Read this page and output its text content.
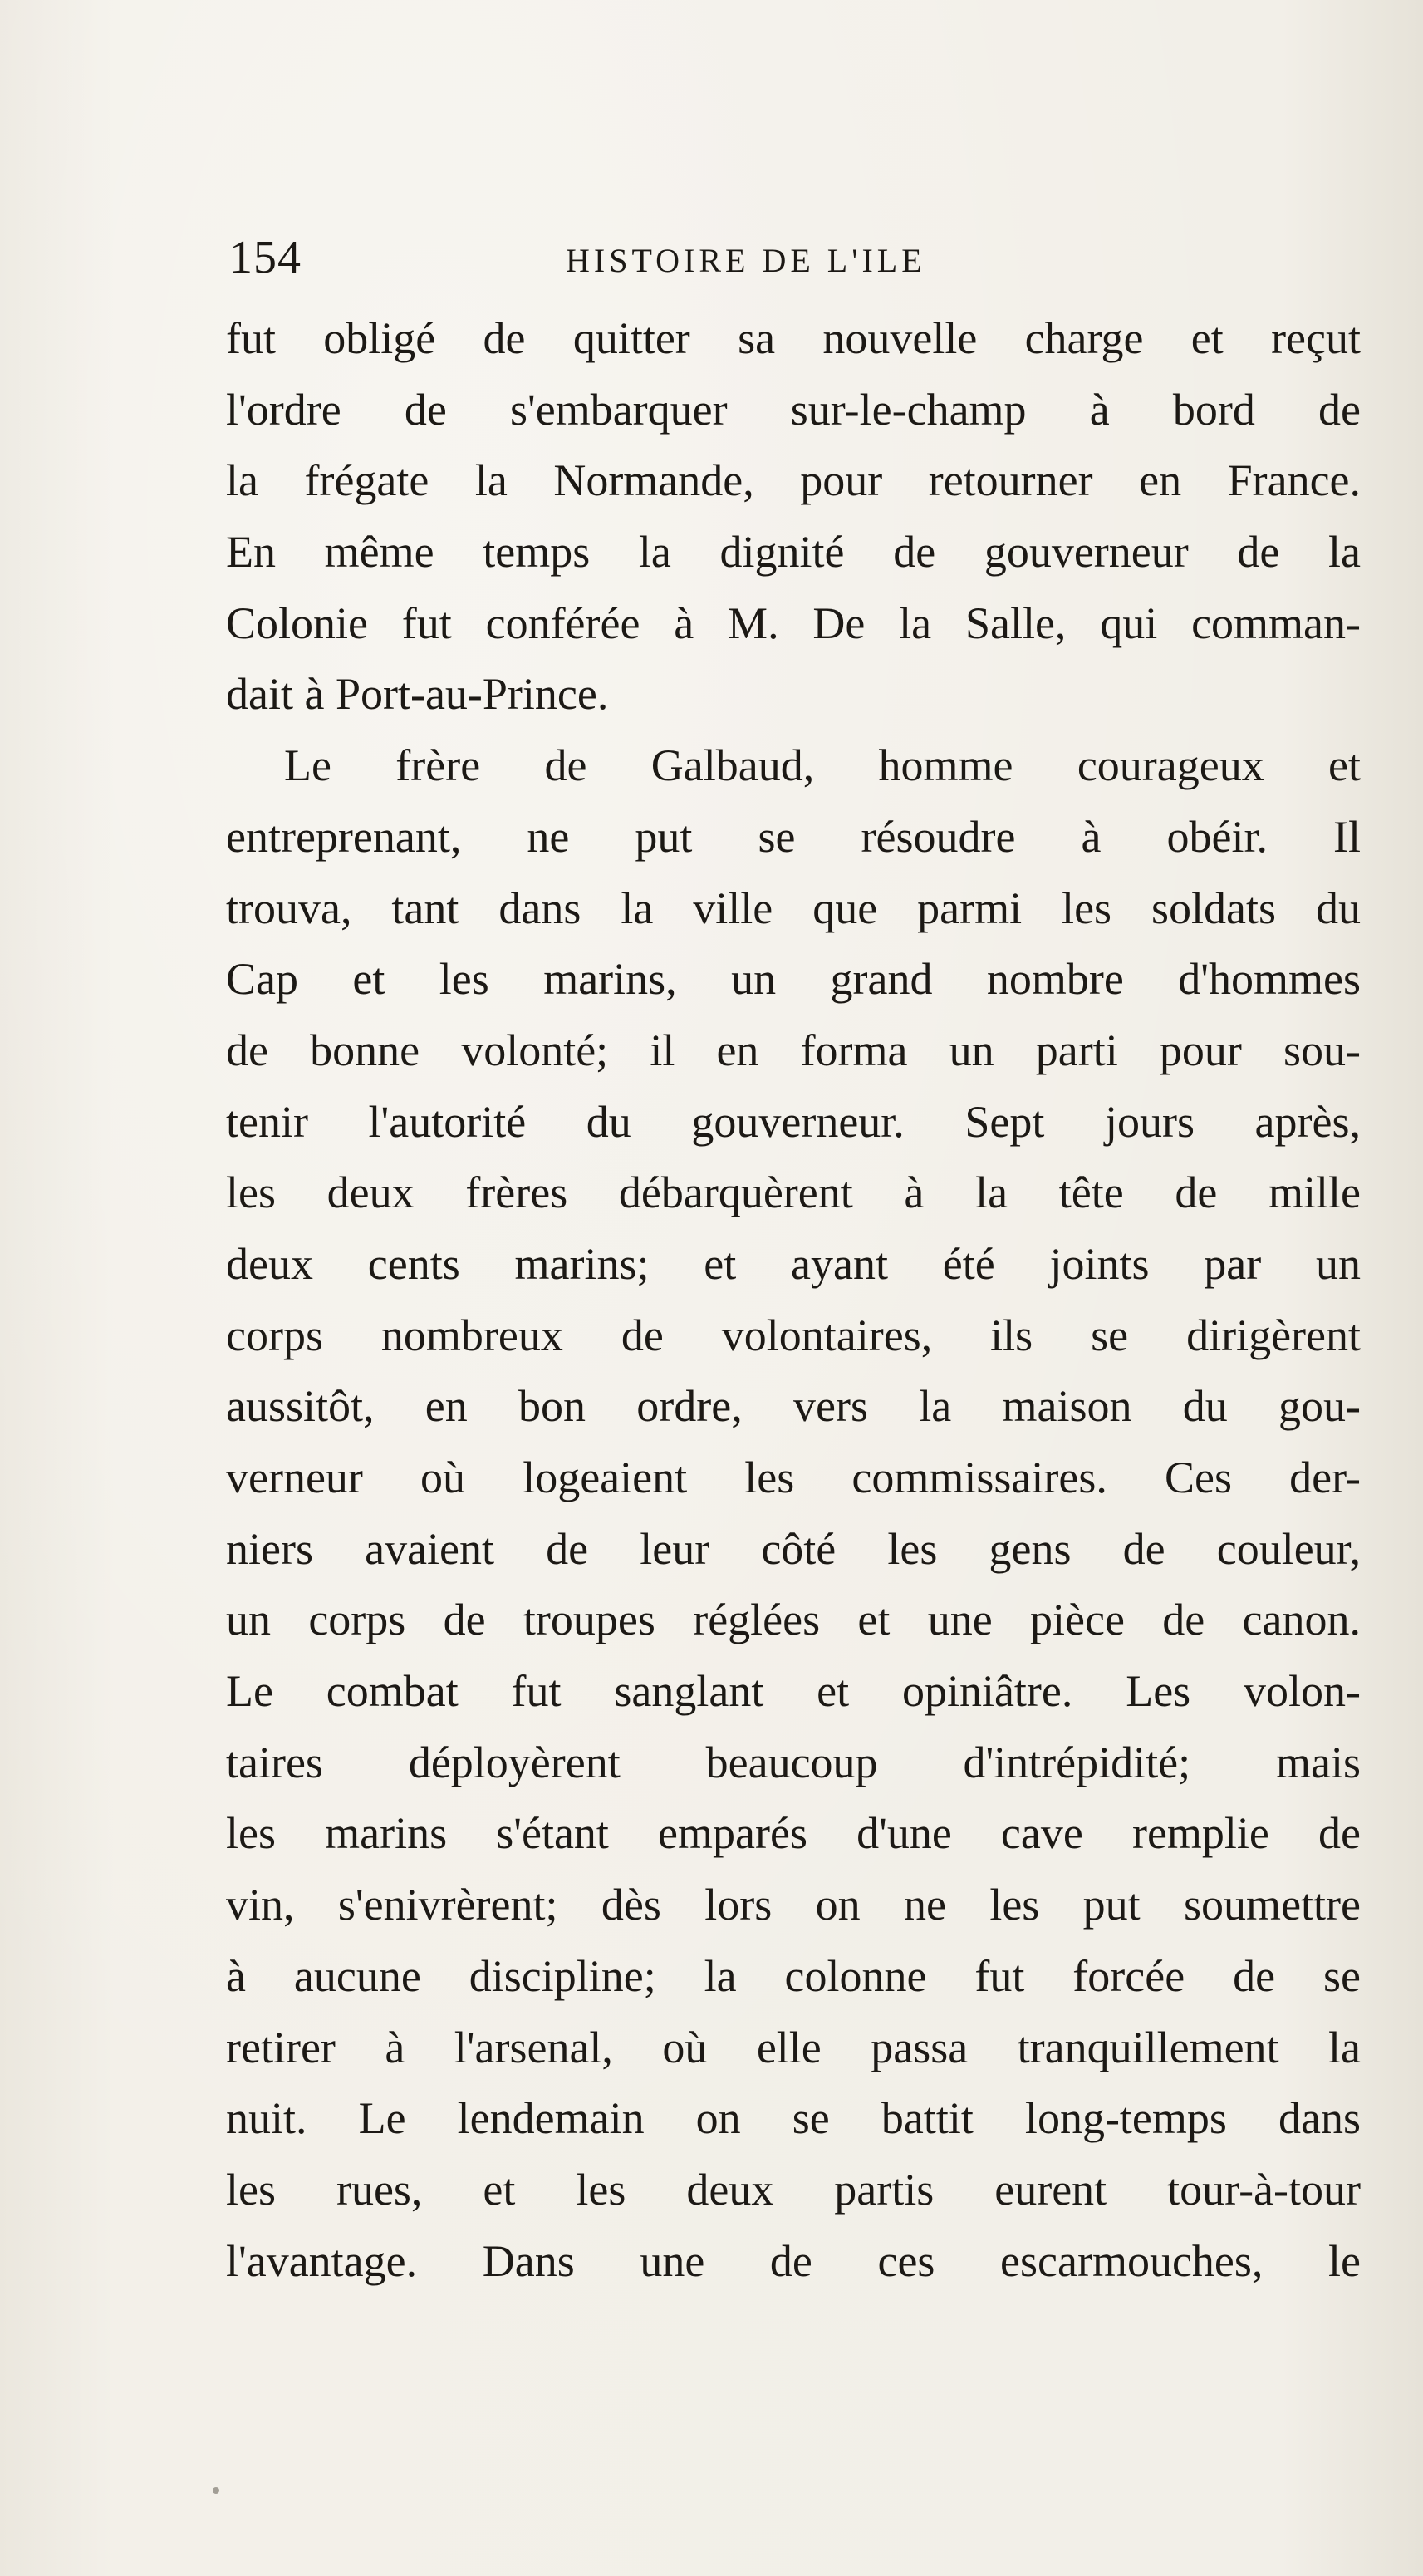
154	HISTOIRE DE L'ILE
fut obligé de quitter sa nouvelle charge et reçut
l'ordre de s'embarquer sur-le-champ à bord de
la frégate la Normande, pour retourner en France.
En même temps la dignité de gouverneur de la
Colonie fut conférée à M. De la Salle, qui comman-
dait à Port-au-Prince.
Le frère de Galbaud, homme courageux et
entreprenant, ne put se résoudre à obéir. Il
trouva, tant dans la ville que parmi les soldats du
Cap et les marins, un grand nombre d'hommes
de bonne volonté; il en forma un parti pour sou-
tenir l'autorité du gouverneur. Sept jours après,
les deux frères débarquèrent à la tête de mille
deux cents marins; et ayant été joints par un
corps nombreux de volontaires, ils se dirigèrent
aussitôt, en bon ordre, vers la maison du gou-
verneur où logeaient les commissaires. Ces der-
niers avaient de leur côté les gens de couleur,
un corps de troupes réglées et une pièce de canon.
Le combat fut sanglant et opiniâtre. Les volon-
taires déployèrent beaucoup d'intrépidité; mais
les marins s'étant emparés d'une cave remplie de
vin, s'enivrèrent; dès lors on ne les put soumettre
à aucune discipline; la colonne fut forcée de se
retirer à l'arsenal, où elle passa tranquillement la
nuit. Le lendemain on se battit long-temps dans
les rues, et les deux partis eurent tour-à-tour
l'avantage. Dans une de ces escarmouches, le
